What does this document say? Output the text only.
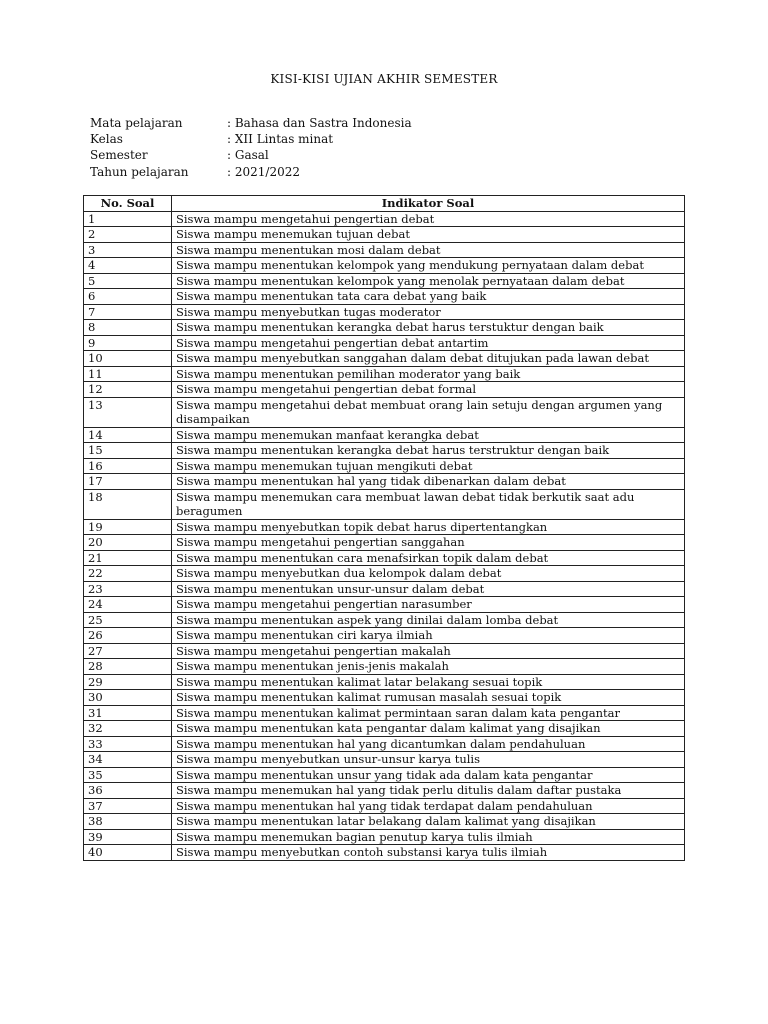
KISI-KISI UJIAN AKHIR SEMESTER
Mata pelajaran	: Bahasa dan Sastra Indonesia
Kelas	: XII Lintas minat
Semester	: Gasal
Tahun pelajaran	: 2021/2022
No. Soal	Indikator Soal
1	Siswa mampu mengetahui pengertian debat
2	Siswa mampu menemukan tujuan debat
3	Siswa mampu menentukan mosi dalam debat
4	Siswa mampu menentukan kelompok yang mendukung pernyataan dalam debat
5	Siswa mampu menentukan kelompok yang menolak pernyataan dalam debat
6	Siswa mampu menentukan tata cara debat yang baik
7	Siswa mampu menyebutkan tugas moderator
8	Siswa mampu menentukan kerangka debat harus terstuktur dengan baik
9	Siswa mampu mengetahui pengertian debat antartim
10	Siswa mampu menyebutkan sanggahan dalam debat ditujukan pada lawan debat
11	Siswa mampu menentukan pemilihan moderator yang baik
12	Siswa mampu mengetahui pengertian debat formal
13	Siswa mampu mengetahui debat membuat orang lain setuju dengan argumen yang disampaikan
14	Siswa mampu menemukan manfaat kerangka debat
15	Siswa mampu menentukan kerangka debat harus terstruktur dengan baik
16	Siswa mampu menemukan tujuan mengikuti debat
17	Siswa mampu menentukan hal yang tidak dibenarkan dalam debat
18	Siswa mampu menemukan cara membuat lawan debat tidak berkutik saat adu beragumen
19	Siswa mampu menyebutkan topik debat harus dipertentangkan
20	Siswa mampu mengetahui pengertian sanggahan
21	Siswa mampu menentukan cara menafsirkan topik dalam debat
22	Siswa mampu menyebutkan dua kelompok dalam debat
23	Siswa mampu menentukan unsur-unsur dalam debat
24	Siswa mampu mengetahui pengertian narasumber
25	Siswa mampu menentukan aspek yang dinilai dalam lomba debat
26	Siswa mampu menentukan ciri karya ilmiah
27	Siswa mampu mengetahui pengertian makalah
28	Siswa mampu menentukan jenis-jenis makalah
29	Siswa mampu menentukan kalimat latar belakang sesuai topik
30	Siswa mampu menentukan kalimat rumusan masalah sesuai topik
31	Siswa mampu menentukan kalimat permintaan saran dalam kata pengantar
32	Siswa mampu menentukan kata pengantar dalam kalimat yang disajikan
33	Siswa mampu menentukan hal yang dicantumkan dalam pendahuluan
34	Siswa mampu menyebutkan unsur-unsur karya tulis
35	Siswa mampu menentukan unsur yang tidak ada dalam kata pengantar
36	Siswa mampu menemukan hal yang tidak perlu ditulis dalam daftar pustaka
37	Siswa mampu menentukan hal yang tidak terdapat dalam pendahuluan
38	Siswa mampu menentukan latar belakang dalam kalimat yang disajikan
39	Siswa mampu menemukan bagian penutup karya tulis ilmiah
40	Siswa mampu menyebutkan contoh substansi karya tulis ilmiah
